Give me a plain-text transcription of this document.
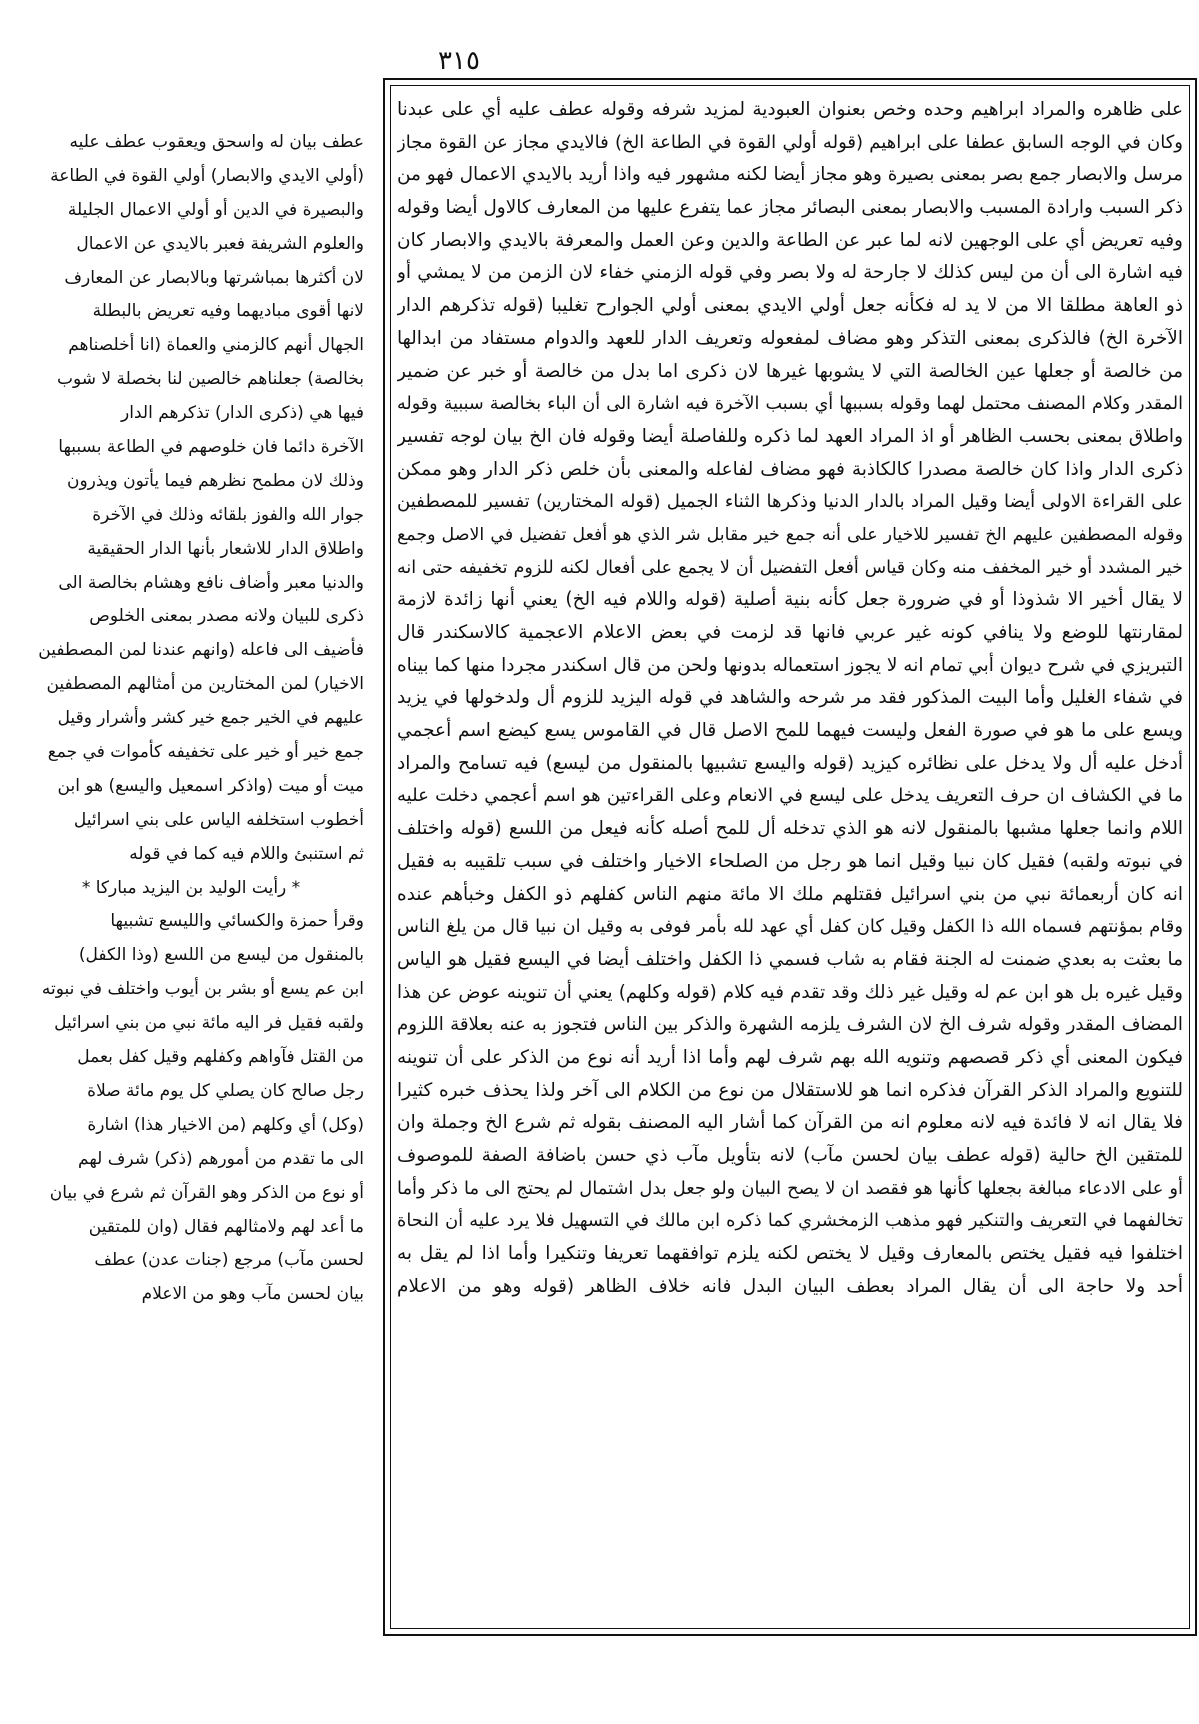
٣١٥
على ظاهره والمراد ابراهيم وحده وخص بعنوان العبودية لمزيد شرفه وقوله عطف عليه أي على عبدنا
وكان في الوجه السابق عطفا على ابراهيم (قوله أولي القوة في الطاعة الخ) فالايدي مجاز عن القوة مجاز
مرسل والابصار جمع بصر بمعنى بصيرة وهو مجاز أيضا لكنه مشهور فيه واذا أريد بالايدي الاعمال فهو من
ذكر السبب وارادة المسبب والابصار بمعنى البصائر مجاز عما يتفرع عليها من المعارف كالاول أيضا وقوله
وفيه تعريض أي على الوجهين لانه لما عبر عن الطاعة والدين وعن العمل والمعرفة بالايدي والابصار كان
فيه اشارة الى أن من ليس كذلك لا جارحة له ولا بصر وفي قوله الزمني خفاء لان الزمن من لا يمشي أو
ذو العاهة مطلقا الا من لا يد له فكأنه جعل أولي الايدي بمعنى أولي الجوارح تغليبا (قوله تذكرهم الدار
الآخرة الخ) فالذكرى بمعنى التذكر وهو مضاف لمفعوله وتعريف الدار للعهد والدوام مستفاد من ابدالها
من خالصة أو جعلها عين الخالصة التي لا يشوبها غيرها لان ذكرى اما بدل من خالصة أو خبر عن ضمير
المقدر وكلام المصنف محتمل لهما وقوله بسببها أي بسبب الآخرة فيه اشارة الى أن الباء بخالصة سببية وقوله
واطلاق بمعنى بحسب الظاهر أو اذ المراد العهد لما ذكره وللفاصلة أيضا وقوله فان الخ بيان لوجه تفسير
ذكرى الدار واذا كان خالصة مصدرا كالكاذبة فهو مضاف لفاعله والمعنى بأن خلص ذكر الدار وهو ممكن
على القراءة الاولى أيضا وقيل المراد بالدار الدنيا وذكرها الثناء الجميل (قوله المختارين) تفسير للمصطفين
وقوله المصطفين عليهم الخ تفسير للاخيار على أنه جمع خير مقابل شر الذي هو أفعل تفضيل في الاصل وجمع
خير المشدد أو خير المخفف منه وكان قياس أفعل التفضيل أن لا يجمع على أفعال لكنه للزوم تخفيفه حتى انه
لا يقال أخير الا شذوذا أو في ضرورة جعل كأنه بنية أصلية (قوله واللام فيه الخ) يعني أنها زائدة لازمة
لمقارنتها للوضع ولا ينافي كونه غير عربي فانها قد لزمت في بعض الاعلام الاعجمية كالاسكندر قال
التبريزي في شرح ديوان أبي تمام انه لا يجوز استعماله بدونها ولحن من قال اسكندر مجردا منها كما بيناه
في شفاء الغليل وأما البيت المذكور فقد مر شرحه والشاهد في قوله اليزيد للزوم أل ولدخولها في يزيد
ويسع على ما هو في صورة الفعل وليست فيهما للمح الاصل قال في القاموس يسع كيضع اسم أعجمي
أدخل عليه أل ولا يدخل على نظائره كيزيد (قوله واليسع تشبيها بالمنقول من ليسع) فيه تسامح والمراد
ما في الكشاف ان حرف التعريف يدخل على ليسع في الانعام وعلى القراءتين هو اسم أعجمي دخلت عليه
اللام وانما جعلها مشبها بالمنقول لانه هو الذي تدخله أل للمح أصله كأنه فيعل من اللسع (قوله واختلف
في نبوته ولقبه) فقيل كان نبيا وقيل انما هو رجل من الصلحاء الاخيار واختلف في سبب تلقيبه به فقيل
انه كان أربعمائة نبي من بني اسرائيل فقتلهم ملك الا مائة منهم الناس كفلهم ذو الكفل وخبأهم عنده
وقام بمؤنتهم فسماه الله ذا الكفل وقيل كان كفل أي عهد لله بأمر فوفى به وقيل ان نبيا قال من يلغ الناس
ما بعثت به بعدي ضمنت له الجنة فقام به شاب فسمي ذا الكفل واختلف أيضا في اليسع فقيل هو الياس
وقيل غيره بل هو ابن عم له وقيل غير ذلك وقد تقدم فيه كلام (قوله وكلهم) يعني أن تنوينه عوض عن هذا
المضاف المقدر وقوله شرف الخ لان الشرف يلزمه الشهرة والذكر بين الناس فتجوز به عنه بعلاقة اللزوم
فيكون المعنى أي ذكر قصصهم وتنويه الله بهم شرف لهم وأما اذا أريد أنه نوع من الذكر على أن تنوينه
للتنويع والمراد الذكر القرآن فذكره انما هو للاستقلال من نوع من الكلام الى آخر ولذا يحذف خبره كثيرا
فلا يقال انه لا فائدة فيه لانه معلوم انه من القرآن كما أشار اليه المصنف بقوله ثم شرع الخ وجملة وان
للمتقين الخ حالية (قوله عطف بيان لحسن مآب) لانه بتأويل مآب ذي حسن باضافة الصفة للموصوف
أو على الادعاء مبالغة بجعلها كأنها هو فقصد ان لا يصح البيان ولو جعل بدل اشتمال لم يحتج الى ما ذكر وأما
تخالفهما في التعريف والتنكير فهو مذهب الزمخشري كما ذكره ابن مالك في التسهيل فلا يرد عليه أن النحاة
اختلفوا فيه فقيل يختص بالمعارف وقيل لا يختص لكنه يلزم توافقهما تعريفا وتنكيرا وأما اذا لم يقل به
أحد ولا حاجة الى أن يقال المراد بعطف البيان البدل فانه خلاف الظاهر (قوله وهو من الاعلام
عطف بيان له واسحق ويعقوب عطف عليه
(أولي الايدي والابصار) أولي القوة في الطاعة
والبصيرة في الدين أو أولي الاعمال الجليلة
والعلوم الشريفة فعبر بالايدي عن الاعمال
لان أكثرها بمباشرتها وبالابصار عن المعارف
لانها أقوى مباديهما وفيه تعريض بالبطلة
الجهال أنهم كالزمني والعماة (انا أخلصناهم
بخالصة) جعلناهم خالصين لنا بخصلة لا شوب
فيها هي (ذكرى الدار) تذكرهم الدار
الآخرة دائما فان خلوصهم في الطاعة بسببها
وذلك لان مطمح نظرهم فيما يأتون ويذرون
جوار الله والفوز بلقائه وذلك في الآخرة
واطلاق الدار للاشعار بأنها الدار الحقيقية
والدنيا معبر وأضاف نافع وهشام بخالصة الى
ذكرى للبيان ولانه مصدر بمعنى الخلوص
فأضيف الى فاعله (وانهم عندنا لمن المصطفين
الاخيار) لمن المختارين من أمثالهم المصطفين
عليهم في الخير جمع خير كشر وأشرار وقيل
جمع خير أو خير على تخفيفه كأموات في جمع
ميت أو ميت (واذكر اسمعيل واليسع) هو ابن
أخطوب استخلفه الياس على بني اسرائيل
ثم استنبئ واللام فيه كما في قوله
* رأيت الوليد بن اليزيد مباركا *
وقرأ حمزة والكسائي والليسع تشبيها
بالمنقول من ليسع من اللسع (وذا الكفل)
ابن عم يسع أو بشر بن أيوب واختلف في نبوته
ولقبه فقيل فر اليه مائة نبي من بني اسرائيل
من القتل فآواهم وكفلهم وقيل كفل بعمل
رجل صالح كان يصلي كل يوم مائة صلاة
(وكل) أي وكلهم (من الاخيار هذا) اشارة
الى ما تقدم من أمورهم (ذكر) شرف لهم
أو نوع من الذكر وهو القرآن ثم شرع في بيان
ما أعد لهم ولامثالهم فقال (وان للمتقين
لحسن مآب) مرجع (جنات عدن) عطف
بيان لحسن مآب وهو من الاعلام
